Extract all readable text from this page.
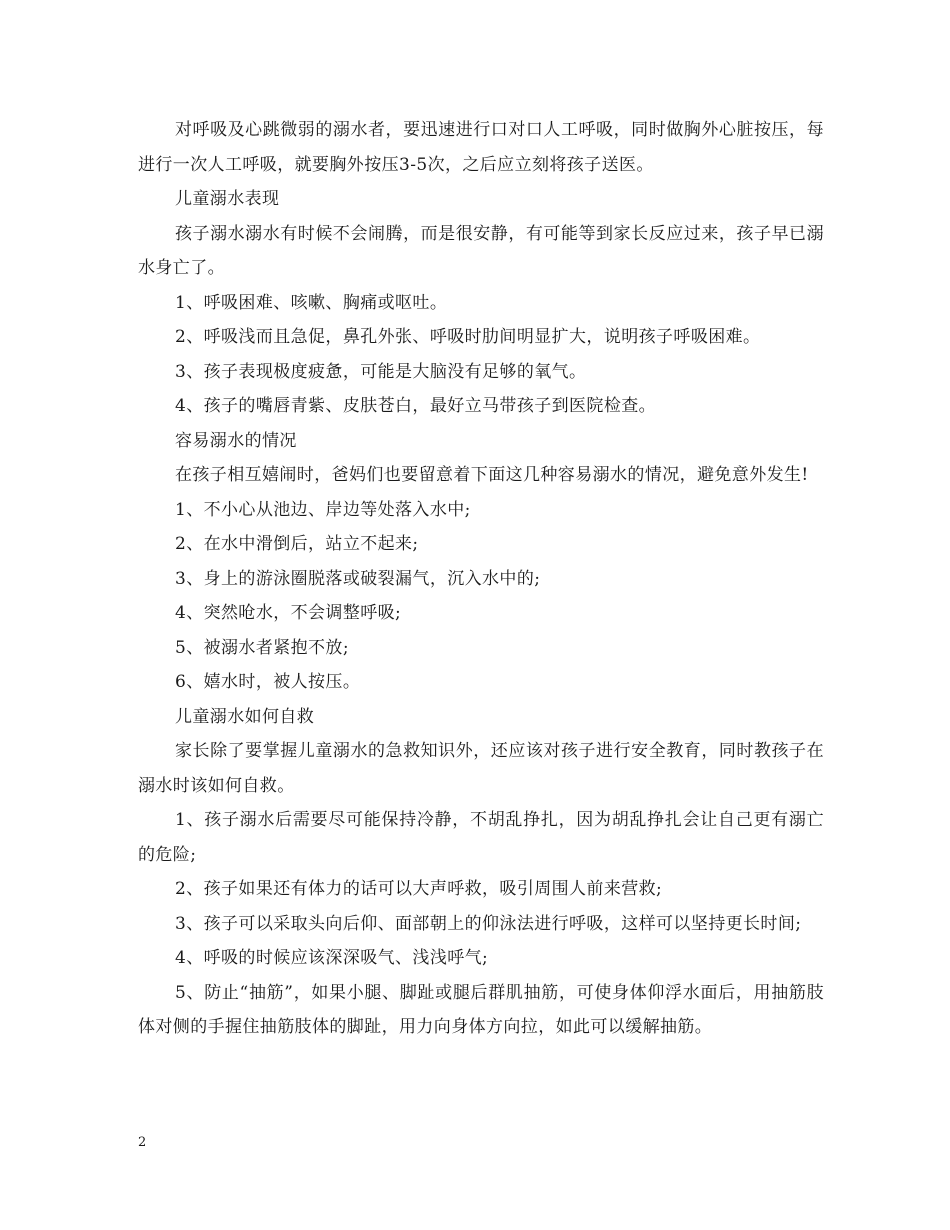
对呼吸及心跳微弱的溺水者，要迅速进行口对口人工呼吸，同时做胸外心脏按压，每进行一次人工呼吸，就要胸外按压3-5次，之后应立刻将孩子送医。

儿童溺水表现

孩子溺水溺水有时候不会闹腾，而是很安静，有可能等到家长反应过来，孩子早已溺水身亡了。

1、呼吸困难、咳嗽、胸痛或呕吐。

2、呼吸浅而且急促，鼻孔外张、呼吸时肋间明显扩大，说明孩子呼吸困难。

3、孩子表现极度疲惫，可能是大脑没有足够的氧气。

4、孩子的嘴唇青紫、皮肤苍白，最好立马带孩子到医院检查。

容易溺水的情况

在孩子相互嬉闹时，爸妈们也要留意着下面这几种容易溺水的情况，避免意外发生!

1、不小心从池边、岸边等处落入水中;

2、在水中滑倒后，站立不起来;

3、身上的游泳圈脱落或破裂漏气，沉入水中的;

4、突然呛水，不会调整呼吸;

5、被溺水者紧抱不放;

6、嬉水时，被人按压。

儿童溺水如何自救

家长除了要掌握儿童溺水的急救知识外，还应该对孩子进行安全教育，同时教孩子在溺水时该如何自救。

1、孩子溺水后需要尽可能保持冷静，不胡乱挣扎，因为胡乱挣扎会让自己更有溺亡的危险;

2、孩子如果还有体力的话可以大声呼救，吸引周围人前来营救;

3、孩子可以采取头向后仰、面部朝上的仰泳法进行呼吸，这样可以坚持更长时间;

4、呼吸的时候应该深深吸气、浅浅呼气;

5、防止“抽筋”，如果小腿、脚趾或腿后群肌抽筋，可使身体仰浮水面后，用抽筋肢体对侧的手握住抽筋肢体的脚趾，用力向身体方向拉，如此可以缓解抽筋。

2
